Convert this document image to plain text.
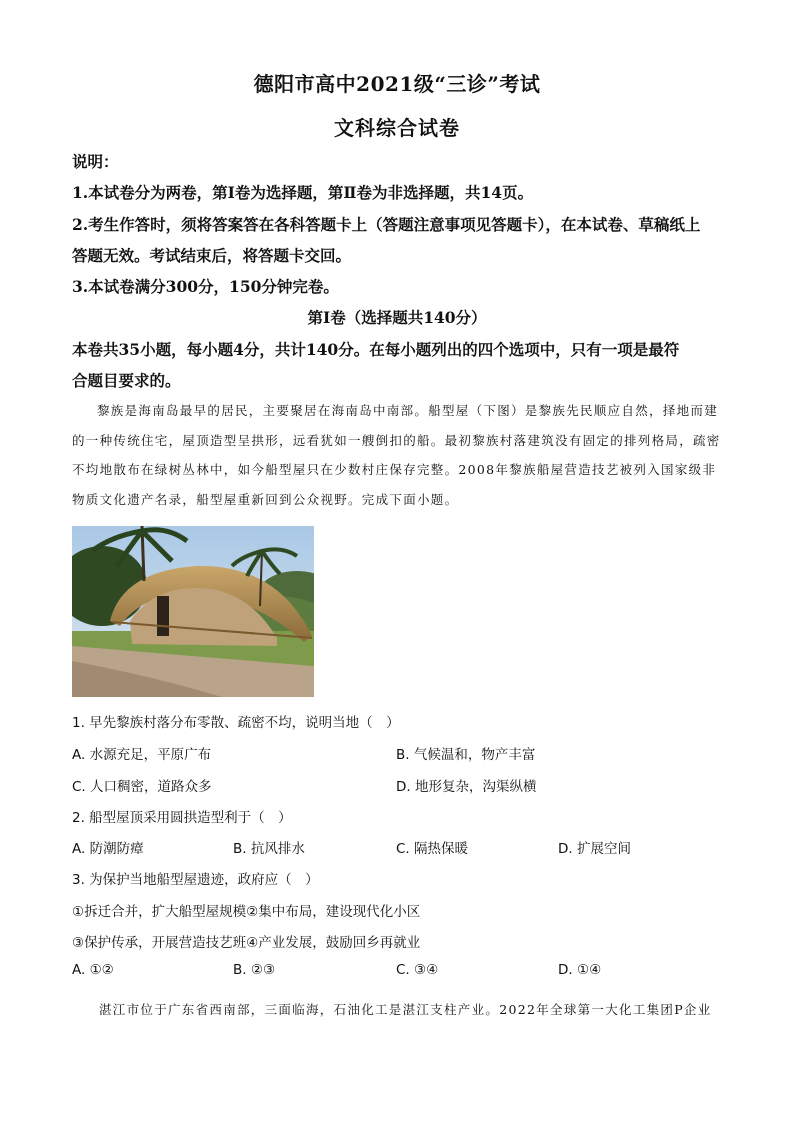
德阳市高中2021级“三诊”考试
文科综合试卷
说明：
1.本试卷分为两卷，第Ⅰ卷为选择题，第Ⅱ卷为非选择题，共14页。
2.考生作答时，须将答案答在各科答题卡上（答题注意事项见答题卡），在本试卷、草稿纸上
答题无效。考试结束后，将答题卡交回。
3.本试卷满分300分，150分钟完卷。
第Ⅰ卷（选择题共140分）
本卷共35小题，每小题4分，共计140分。在每小题列出的四个选项中，只有一项是最符
合题目要求的。
黎族是海南岛最早的居民，主要聚居在海南岛中南部。船型屋（下图）是黎族先民顺应自然，择地而建的一种传统住宅，屋顶造型呈拱形，远看犹如一艘倒扣的船。最初黎族村落建筑没有固定的排列格局，疏密不均地散布在绿树丛林中，如今船型屋只在少数村庄保存完整。2008年黎族船屋营造技艺被列入国家级非物质文化遗产名录，船型屋重新回到公众视野。完成下面小题。
1. 早先黎族村落分布零散、疏密不均，说明当地（　）
A. 水源充足，平原广布	B. 气候温和，物产丰富
C. 人口稠密，道路众多	D. 地形复杂，沟渠纵横
2. 船型屋顶采用圆拱造型利于（　）
A. 防潮防瘴	B. 抗风排水	C. 隔热保暖	D. 扩展空间
3. 为保护当地船型屋遗迹，政府应（　）
①拆迁合并，扩大船型屋规模②集中布局，建设现代化小区
③保护传承，开展营造技艺班④产业发展，鼓励回乡再就业
A. ①②	B. ②③	C. ③④	D. ①④
湛江市位于广东省西南部，三面临海，石油化工是湛江支柱产业。2022年全球第一大化工集团P企业
